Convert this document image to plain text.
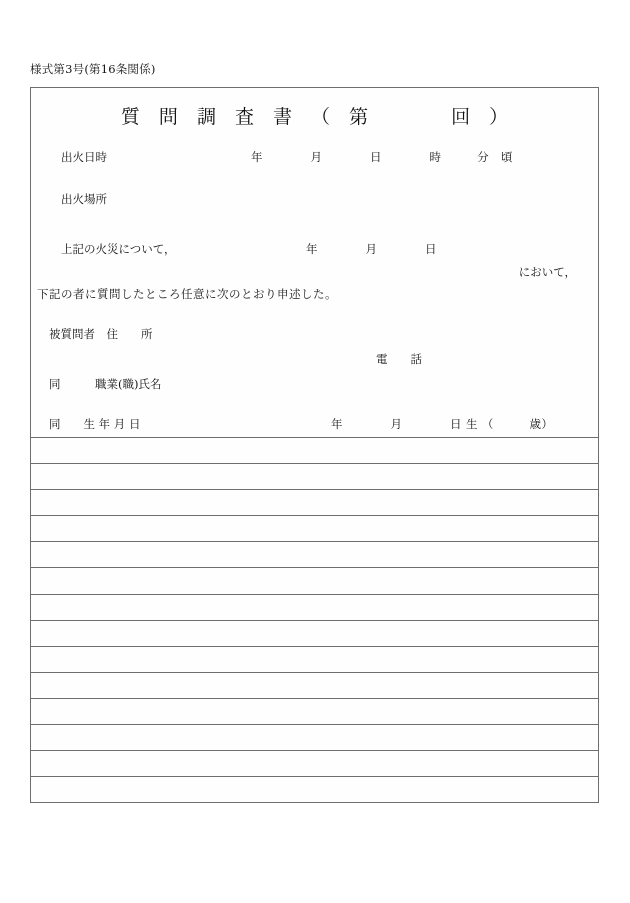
様式第3号(第16条関係)
質 問 調 査 書 （ 第　　　回 ）
出火日時	年　　　　月　　　　日　　　　時　　　分　頃
出火場所
上記の火災について，	年　　　　月　　　　日
において，
下記の者に質問したところ任意に次のとおり申述した。
被質問者　住　　所
電　　話
同　　　職業(職)氏名
同　　生 年 月 日	年　　　　月　　　　日 生 （　　　歳）
